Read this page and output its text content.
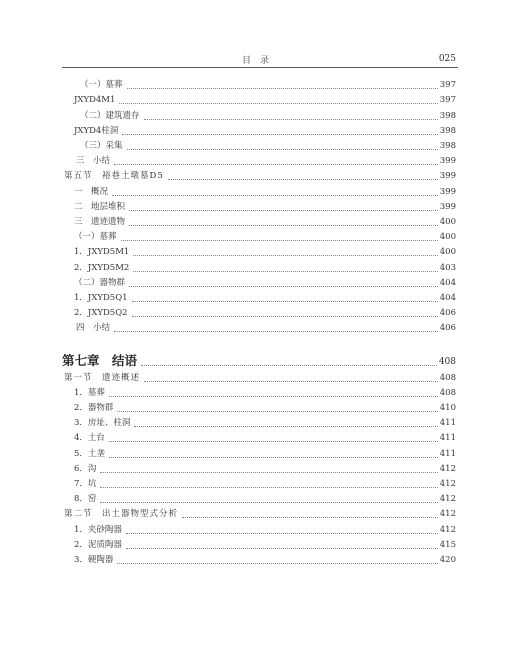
目录	025
（一）墓葬	397
JXYD4M1	397
（二）建筑遗存	398
JXYD4柱洞	398
（三）采集	398
三　小结	399
第五节　裕巷土墩墓D5	399
一　概况	399
二　地层堆积	399
三　遗迹遗物	400
（一）墓葬	400
1．JXYD5M1	400
2．JXYD5M2	403
（二）器物群	404
1．JXYD5Q1	404
2．JXYD5Q2	406
四　小结	406
第七章　结语	408
第一节　遗迹概述	408
1．墓葬	408
2．器物群	410
3．房址、柱洞	411
4．土台	411
5．土垄	411
6．沟	412
7．坑	412
8．窑	412
第二节　出土器物型式分析	412
1．夹砂陶器	412
2．泥质陶器	415
3．硬陶器	420
